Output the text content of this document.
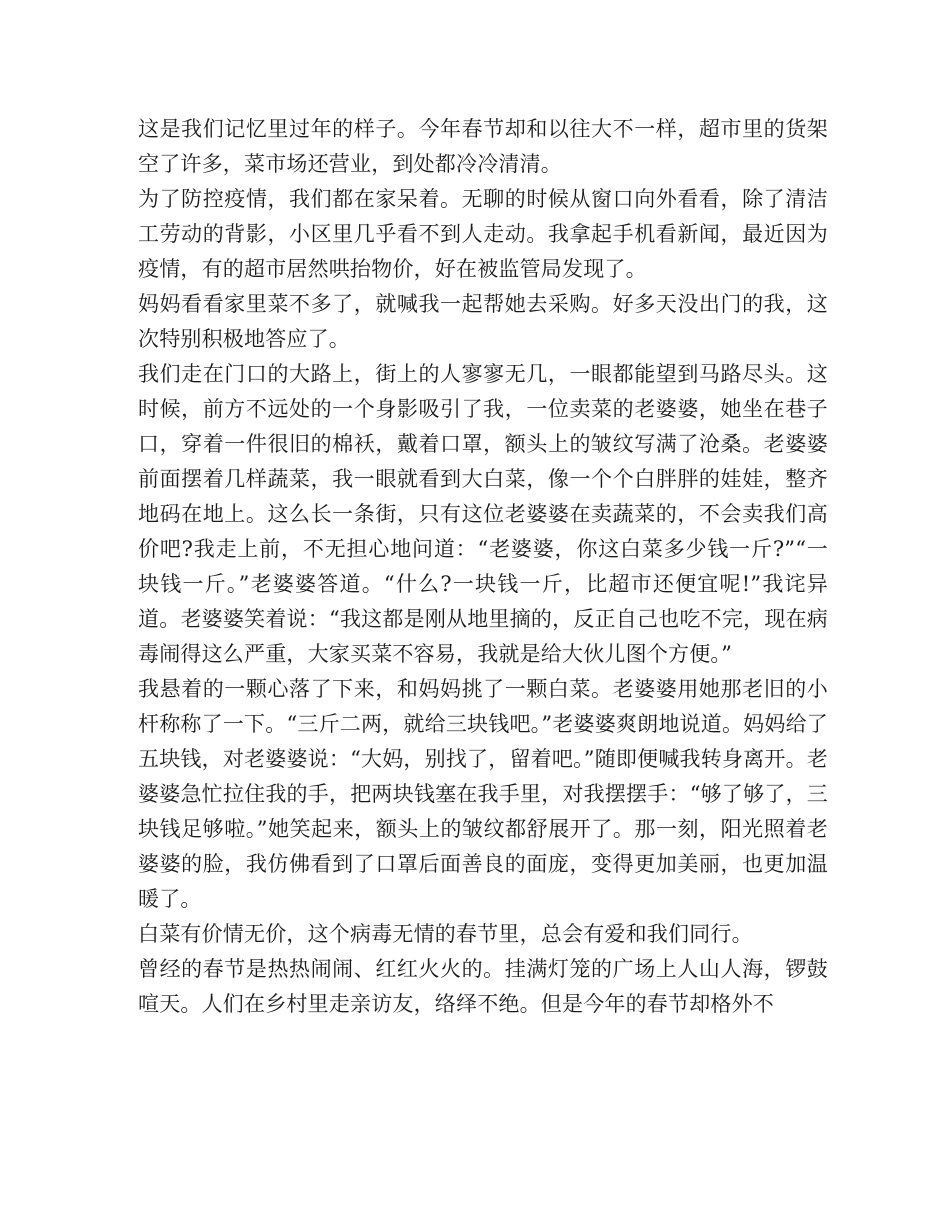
这是我们记忆里过年的样子。今年春节却和以往大不一样，超市里的货架空了许多，菜市场还营业，到处都冷冷清清。

为了防控疫情，我们都在家呆着。无聊的时候从窗口向外看看，除了清洁工劳动的背影，小区里几乎看不到人走动。我拿起手机看新闻，最近因为疫情，有的超市居然哄抬物价，好在被监管局发现了。

妈妈看看家里菜不多了，就喊我一起帮她去采购。好多天没出门的我，这次特别积极地答应了。

我们走在门口的大路上，街上的人寥寥无几，一眼都能望到马路尽头。这时候，前方不远处的一个身影吸引了我，一位卖菜的老婆婆，她坐在巷子口，穿着一件很旧的棉袄，戴着口罩，额头上的皱纹写满了沧桑。老婆婆前面摆着几样蔬菜，我一眼就看到大白菜，像一个个白胖胖的娃娃，整齐地码在地上。这么长一条街，只有这位老婆婆在卖蔬菜的，不会卖我们高价吧?我走上前，不无担心地问道：“老婆婆，你这白菜多少钱一斤?”“一块钱一斤。”老婆婆答道。“什么?一块钱一斤，比超市还便宜呢!”我诧异道。老婆婆笑着说：“我这都是刚从地里摘的，反正自己也吃不完，现在病毒闹得这么严重，大家买菜不容易，我就是给大伙儿图个方便。”

我悬着的一颗心落了下来，和妈妈挑了一颗白菜。老婆婆用她那老旧的小杆称称了一下。“三斤二两，就给三块钱吧。”老婆婆爽朗地说道。妈妈给了五块钱，对老婆婆说：“大妈，别找了，留着吧。”随即便喊我转身离开。老婆婆急忙拉住我的手，把两块钱塞在我手里，对我摆摆手：“够了够了，三块钱足够啦。”她笑起来，额头上的皱纹都舒展开了。那一刻，阳光照着老婆婆的脸，我仿佛看到了口罩后面善良的面庞，变得更加美丽，也更加温暖了。

白菜有价情无价，这个病毒无情的春节里，总会有爱和我们同行。

曾经的春节是热热闹闹、红红火火的。挂满灯笼的广场上人山人海，锣鼓喧天。人们在乡村里走亲访友，络绎不绝。但是今年的春节却格外不
